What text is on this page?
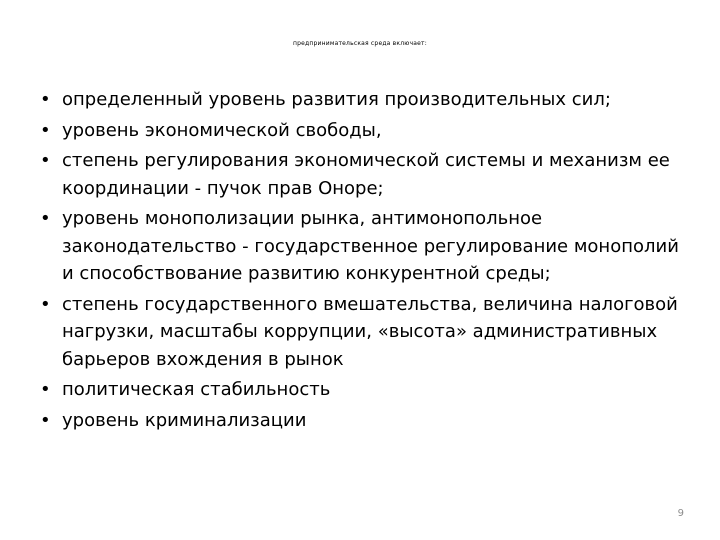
предпринимательская среда включает:
• определенный уровень развития производительных сил;
• уровень экономической свободы,
• степень регулирования экономической системы и механизм ее координации - пучок прав Оноре;
• уровень монополизации рынка, антимонопольное законодательство - государственное регулирование монополий и способствование развитию конкурентной среды;
• степень государственного вмешательства, величина налоговой нагрузки, масштабы коррупции, «высота» административных барьеров вхождения в рынок
• политическая стабильность
• уровень криминализации
9
